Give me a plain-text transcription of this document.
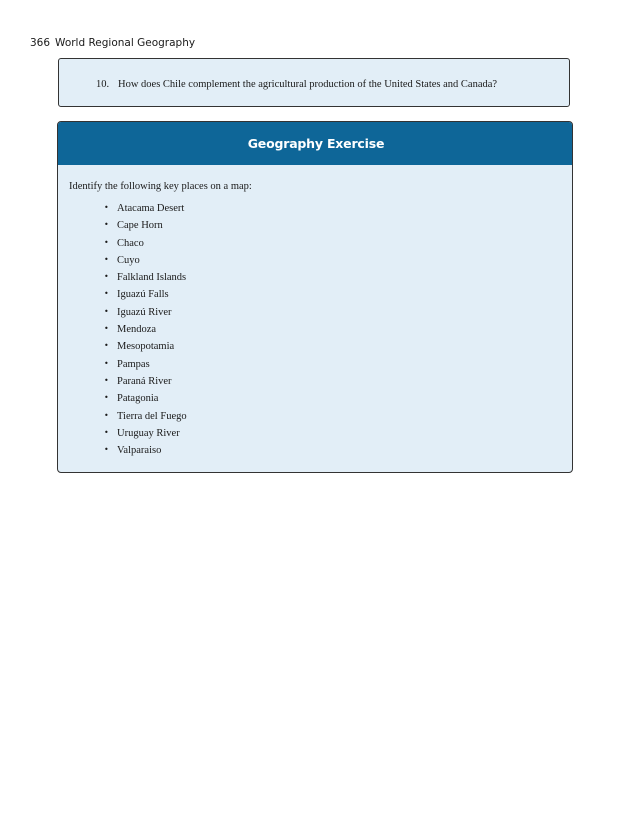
366 World Regional Geography
10. How does Chile complement the agricultural production of the United States and Canada?
Geography Exercise
Identify the following key places on a map:
• Atacama Desert
• Cape Horn
• Chaco
• Cuyo
• Falkland Islands
• Iguazú Falls
• Iguazú River
• Mendoza
• Mesopotamia
• Pampas
• Paraná River
• Patagonia
• Tierra del Fuego
• Uruguay River
• Valparaiso
